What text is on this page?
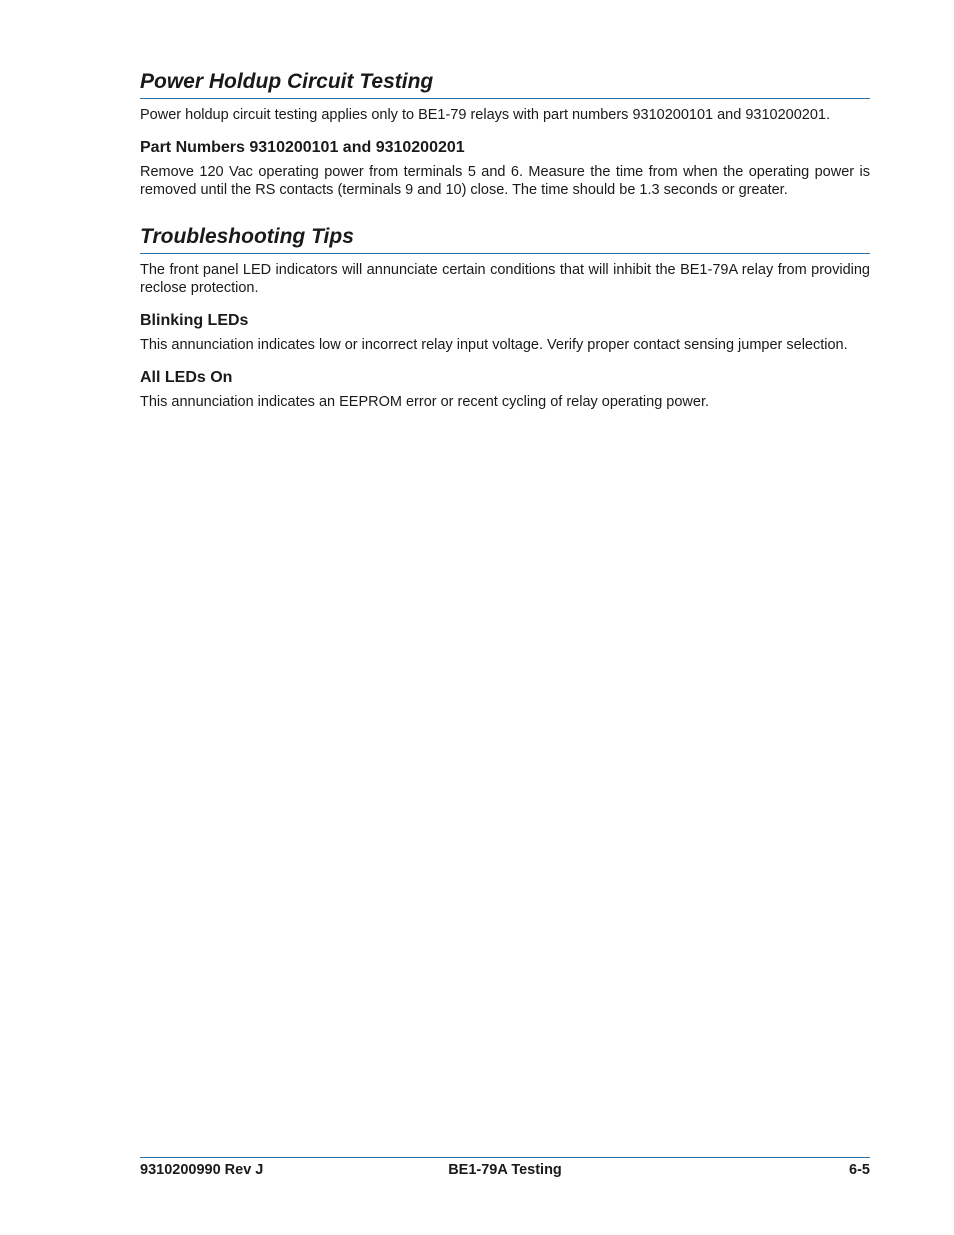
Power Holdup Circuit Testing

Power holdup circuit testing applies only to BE1-79 relays with part numbers 9310200101 and 9310200201.

Part Numbers 9310200101 and 9310200201

Remove 120 Vac operating power from terminals 5 and 6. Measure the time from when the operating power is removed until the RS contacts (terminals 9 and 10) close. The time should be 1.3 seconds or greater.

Troubleshooting Tips

The front panel LED indicators will annunciate certain conditions that will inhibit the BE1-79A relay from providing reclose protection.

Blinking LEDs

This annunciation indicates low or incorrect relay input voltage. Verify proper contact sensing jumper selection.

All LEDs On

This annunciation indicates an EEPROM error or recent cycling of relay operating power.

9310200990 Rev J	BE1-79A Testing	6-5
